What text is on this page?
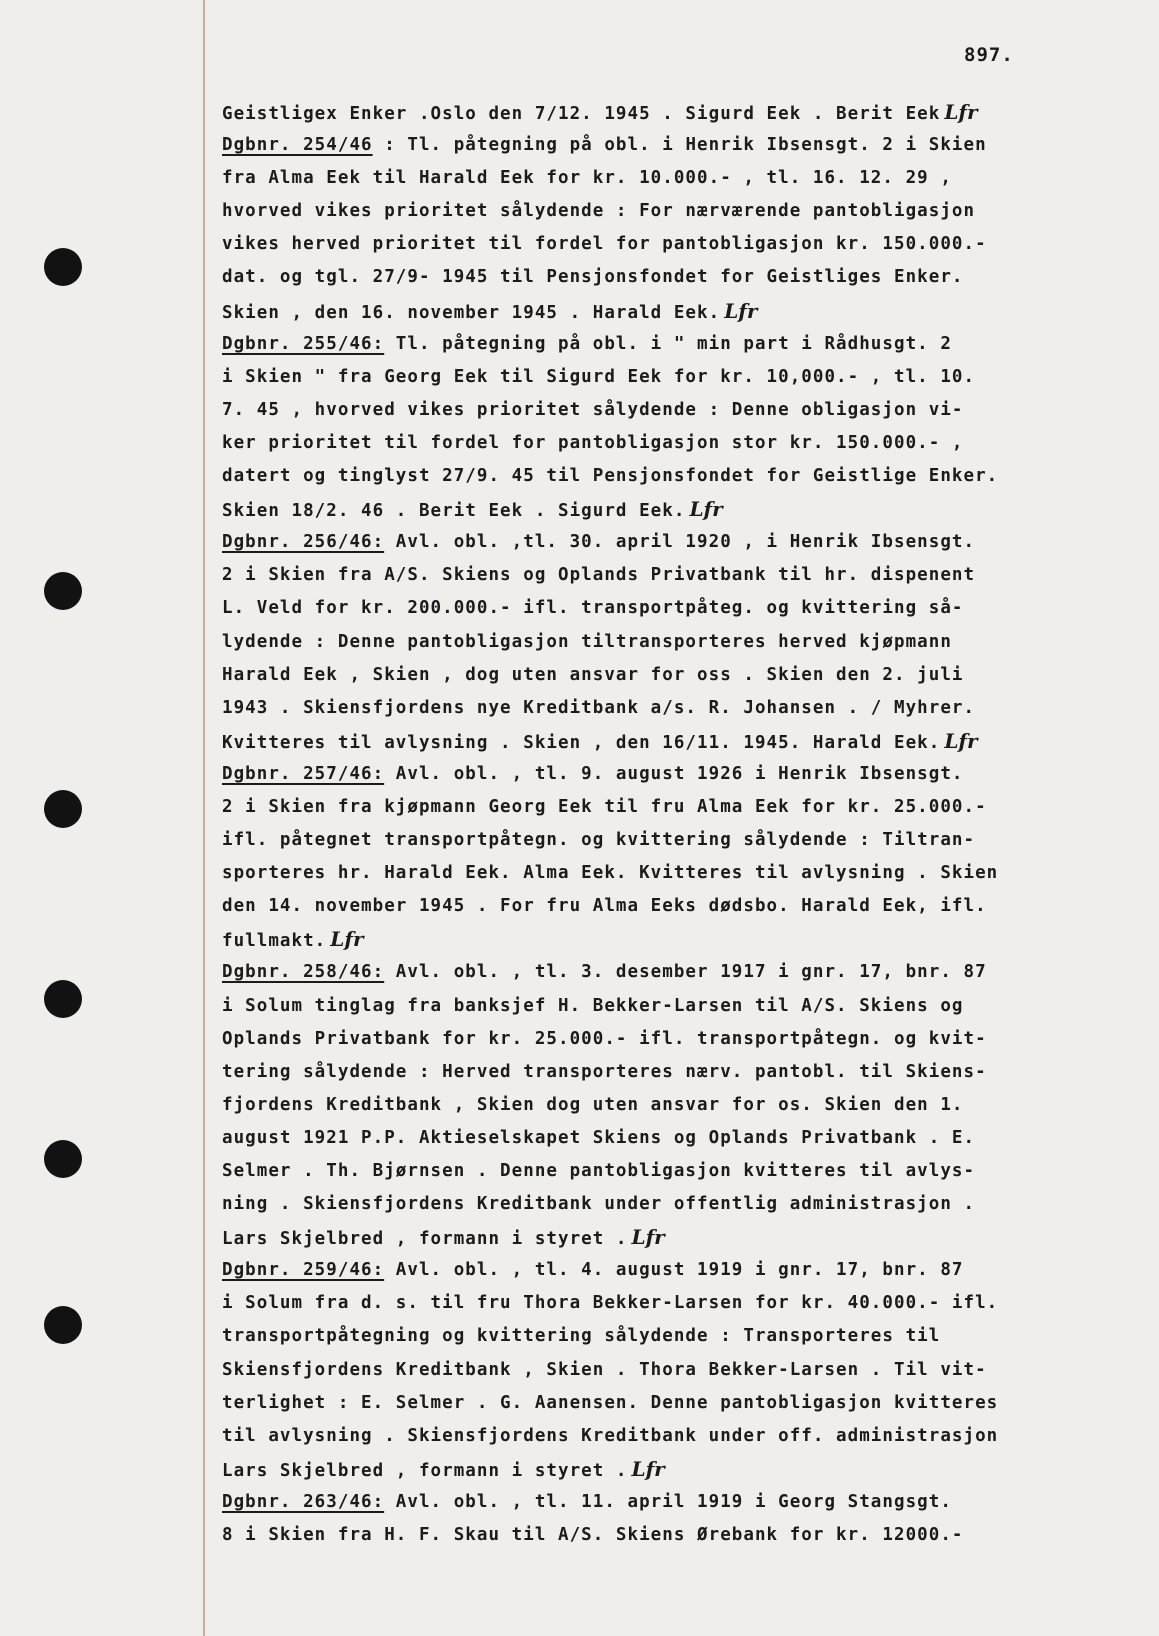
897.
Geistligex Enker .Oslo den 7/12. 1945 . Sigurd Eek . Berit Eek Lfr
Dgbnr. 254/46 : Tl. påtegning på obl. i Henrik Ibsensgt. 2 i Skien
fra Alma Eek til Harald Eek for kr. 10.000.- , tl. 16. 12. 29 ,
hvorved vikes prioritet sålydende : For nærværende pantobligasjon
vikes herved prioritet til fordel for pantobligasjon kr. 150.000.-
dat. og tgl. 27/9- 1945 til Pensjonsfondet for Geistliges Enker.
Skien , den 16. november 1945 . Harald Eek. Lfr
Dgbnr. 255/46: Tl. påtegning på obl. i " min part i Rådhusgt. 2
i Skien " fra Georg Eek til Sigurd Eek for kr. 10,000.- , tl. 10.
7. 45 , hvorved vikes prioritet sålydende : Denne obligasjon vi-
ker prioritet til fordel for pantobligasjon stor kr. 150.000.- ,
datert og tinglyst 27/9. 45 til Pensjonsfondet for Geistlige Enker.
Skien 18/2. 46 . Berit Eek . Sigurd Eek. Lfr
Dgbnr. 256/46: Avl. obl. ,tl. 30. april 1920 , i Henrik Ibsensgt.
2 i Skien fra A/S. Skiens og Oplands Privatbank til hr. dispenent
L. Veld for kr. 200.000.- ifl. transportpåteg. og kvittering så-
lydende : Denne pantobligasjon tiltransporteres herved kjøpmann
Harald Eek , Skien , dog uten ansvar for oss . Skien den 2. juli
1943 . Skiensfjordens nye Kreditbank a/s. R. Johansen . / Myhrer.
Kvitteres til avlysning . Skien , den 16/11. 1945. Harald Eek. Lfr
Dgbnr. 257/46: Avl. obl. , tl. 9. august 1926 i Henrik Ibsensgt.
2 i Skien fra kjøpmann Georg Eek til fru Alma Eek for kr. 25.000.-
ifl. påtegnet transportpåtegn. og kvittering sålydende : Tiltran-
sporteres hr. Harald Eek. Alma Eek. Kvitteres til avlysning . Skien
den 14. november 1945 . For fru Alma Eeks dødsbo. Harald Eek, ifl.
fullmakt. Lfr
Dgbnr. 258/46: Avl. obl. , tl. 3. desember 1917 i gnr. 17, bnr. 87
i Solum tinglag fra banksjef H. Bekker-Larsen til A/S. Skiens og
Oplands Privatbank for kr. 25.000.- ifl. transportpåtegn. og kvit-
tering sålydende : Herved transporteres nærv. pantobl. til Skiens-
fjordens Kreditbank , Skien dog uten ansvar for os. Skien den 1.
august 1921 P.P. Aktieselskapet Skiens og Oplands Privatbank . E.
Selmer . Th. Bjørnsen . Denne pantobligasjon kvitteres til avlys-
ning . Skiensfjordens Kreditbank under offentlig administrasjon .
Lars Skjelbred , formann i styret . Lfr
Dgbnr. 259/46: Avl. obl. , tl. 4. august 1919 i gnr. 17, bnr. 87
i Solum fra d. s. til fru Thora Bekker-Larsen for kr. 40.000.- ifl.
transportpåtegning og kvittering sålydende : Transporteres til
Skiensfjordens Kreditbank , Skien . Thora Bekker-Larsen . Til vit-
terlighet : E. Selmer . G. Aanensen. Denne pantobligasjon kvitteres
til avlysning . Skiensfjordens Kreditbank under off. administrasjon
Lars Skjelbred , formann i styret . Lfr
Dgbnr. 263/46: Avl. obl. , tl. 11. april 1919 i Georg Stangsgt.
8 i Skien fra H. F. Skau til A/S. Skiens Ørebank for kr. 12000.-
